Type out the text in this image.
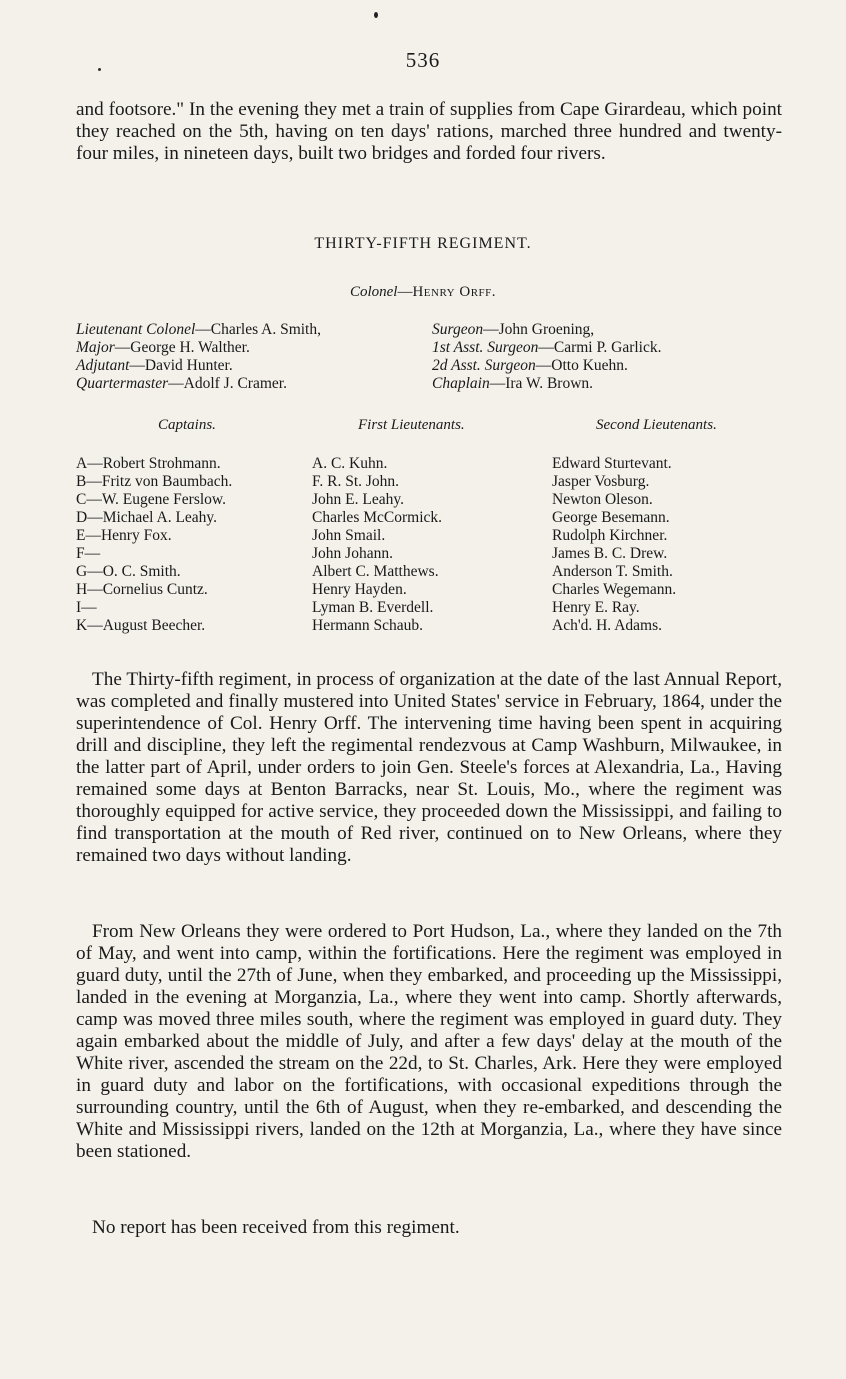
536

and footsore." In the evening they met a train of supplies from Cape Girardeau, which point they reached on the 5th, having on ten days' rations, marched three hundred and twenty-four miles, in nineteen days, built two bridges and forded four rivers.

THIRTY-FIFTH REGIMENT.
Colonel—Henry Orff.
Lieutenant Colonel—Charles A. Smith,
Major—George H. Walther.
Adjutant—David Hunter.
Quartermaster—Adolf J. Cramer.
Surgeon—John Groening,
1st Asst. Surgeon—Carmi P. Garlick.
2d Asst. Surgeon—Otto Kuehn.
Chaplain—Ira W. Brown.
Captains.	First Lieutenants.	Second Lieutenants.
A—Robert Strohmann.
B—Fritz von Baumbach.
C—W. Eugene Ferslow.
D—Michael A. Leahy.
E—Henry Fox.
F—
G—O. C. Smith.
H—Cornelius Cuntz.
I—
K—August Beecher.
A. C. Kuhn.
F. R. St. John.
John E. Leahy.
Charles McCormick.
John Smail.
John Johann.
Albert C. Matthews.
Henry Hayden.
Lyman B. Everdell.
Hermann Schaub.
Edward Sturtevant.
Jasper Vosburg.
Newton Oleson.
George Besemann.
Rudolph Kirchner.
James B. C. Drew.
Anderson T. Smith.
Charles Wegemann.
Henry E. Ray.
Ach'd. H. Adams.

The Thirty-fifth regiment, in process of organization at the date of the last Annual Report, was completed and finally mustered into United States' service in February, 1864, under the superintendence of Col. Henry Orff. The intervening time having been spent in acquiring drill and discipline, they left the regimental rendezvous at Camp Washburn, Milwaukee, in the latter part of April, under orders to join Gen. Steele's forces at Alexandria, La., Having remained some days at Benton Barracks, near St. Louis, Mo., where the regiment was thoroughly equipped for active service, they proceeded down the Mississippi, and failing to find transportation at the mouth of Red river, continued on to New Orleans, where they remained two days without landing.

From New Orleans they were ordered to Port Hudson, La., where they landed on the 7th of May, and went into camp, within the fortifications. Here the regiment was employed in guard duty, until the 27th of June, when they embarked, and proceeding up the Mississippi, landed in the evening at Morganzia, La., where they went into camp. Shortly afterwards, camp was moved three miles south, where the regiment was employed in guard duty. They again embarked about the middle of July, and after a few days' delay at the mouth of the White river, ascended the stream on the 22d, to St. Charles, Ark. Here they were employed in guard duty and labor on the fortifications, with occasional expeditions through the surrounding country, until the 6th of August, when they re-embarked, and descending the White and Mississippi rivers, landed on the 12th at Morganzia, La., where they have since been stationed.

No report has been received from this regiment.
